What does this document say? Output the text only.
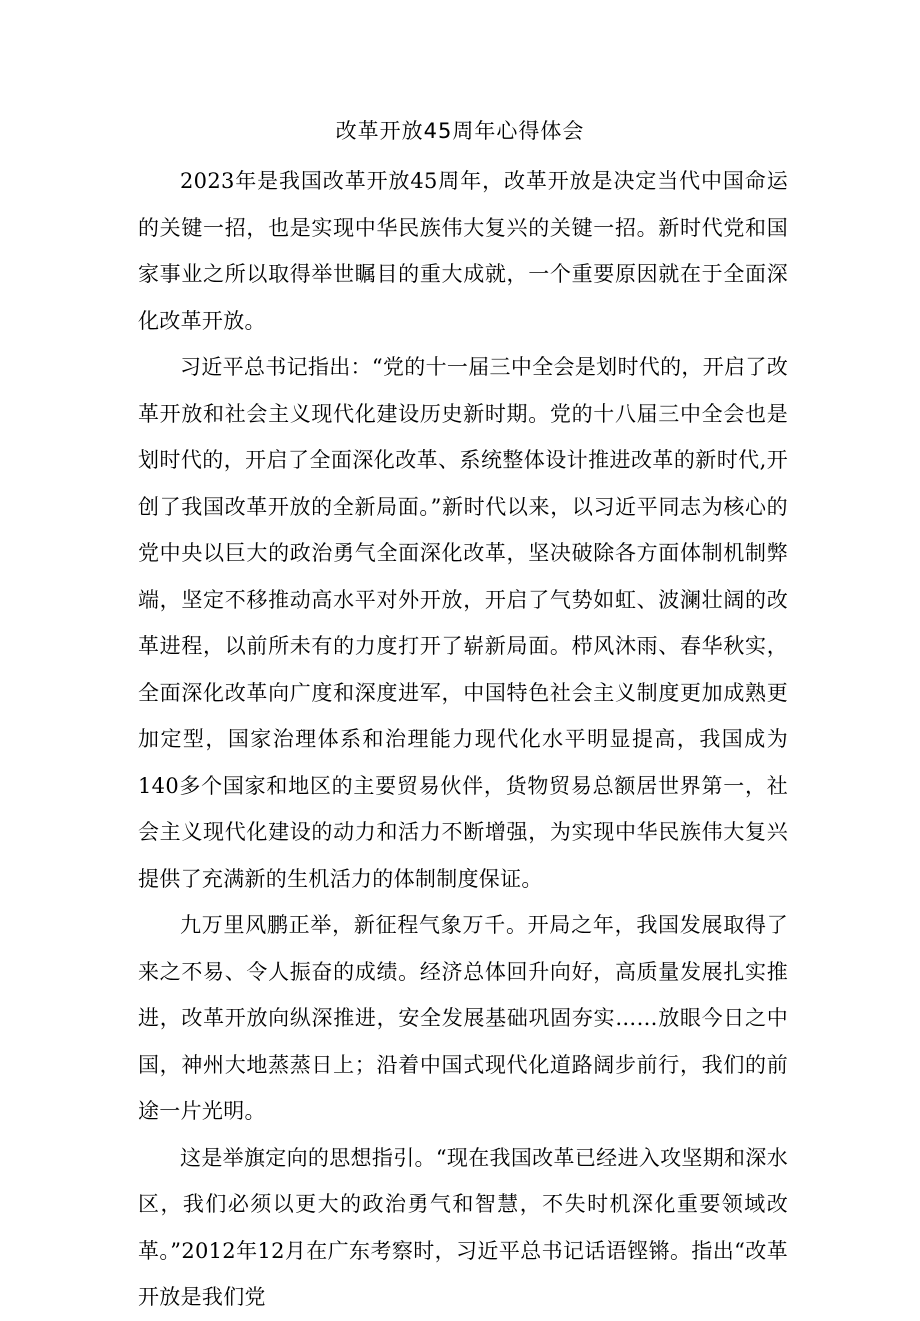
改革开放45周年心得体会

2023年是我国改革开放45周年，改革开放是决定当代中国命运的关键一招，也是实现中华民族伟大复兴的关键一招。新时代党和国家事业之所以取得举世瞩目的重大成就，一个重要原因就在于全面深化改革开放。

习近平总书记指出：“党的十一届三中全会是划时代的，开启了改革开放和社会主义现代化建设历史新时期。党的十八届三中全会也是划时代的，开启了全面深化改革、系统整体设计推进改革的新时代,开创了我国改革开放的全新局面。”新时代以来，以习近平同志为核心的党中央以巨大的政治勇气全面深化改革，坚决破除各方面体制机制弊端，坚定不移推动高水平对外开放，开启了气势如虹、波澜壮阔的改革进程，以前所未有的力度打开了崭新局面。栉风沐雨、春华秋实，全面深化改革向广度和深度进军，中国特色社会主义制度更加成熟更加定型，国家治理体系和治理能力现代化水平明显提高，我国成为140多个国家和地区的主要贸易伙伴，货物贸易总额居世界第一，社会主义现代化建设的动力和活力不断增强，为实现中华民族伟大复兴提供了充满新的生机活力的体制制度保证。

九万里风鹏正举，新征程气象万千。开局之年，我国发展取得了来之不易、令人振奋的成绩。经济总体回升向好，高质量发展扎实推进，改革开放向纵深推进，安全发展基础巩固夯实……放眼今日之中国，神州大地蒸蒸日上；沿着中国式现代化道路阔步前行，我们的前途一片光明。

这是举旗定向的思想指引。“现在我国改革已经进入攻坚期和深水区，我们必须以更大的政治勇气和智慧，不失时机深化重要领域改革。”2012年12月在广东考察时，习近平总书记话语铿锵。指出“改革开放是我们党
